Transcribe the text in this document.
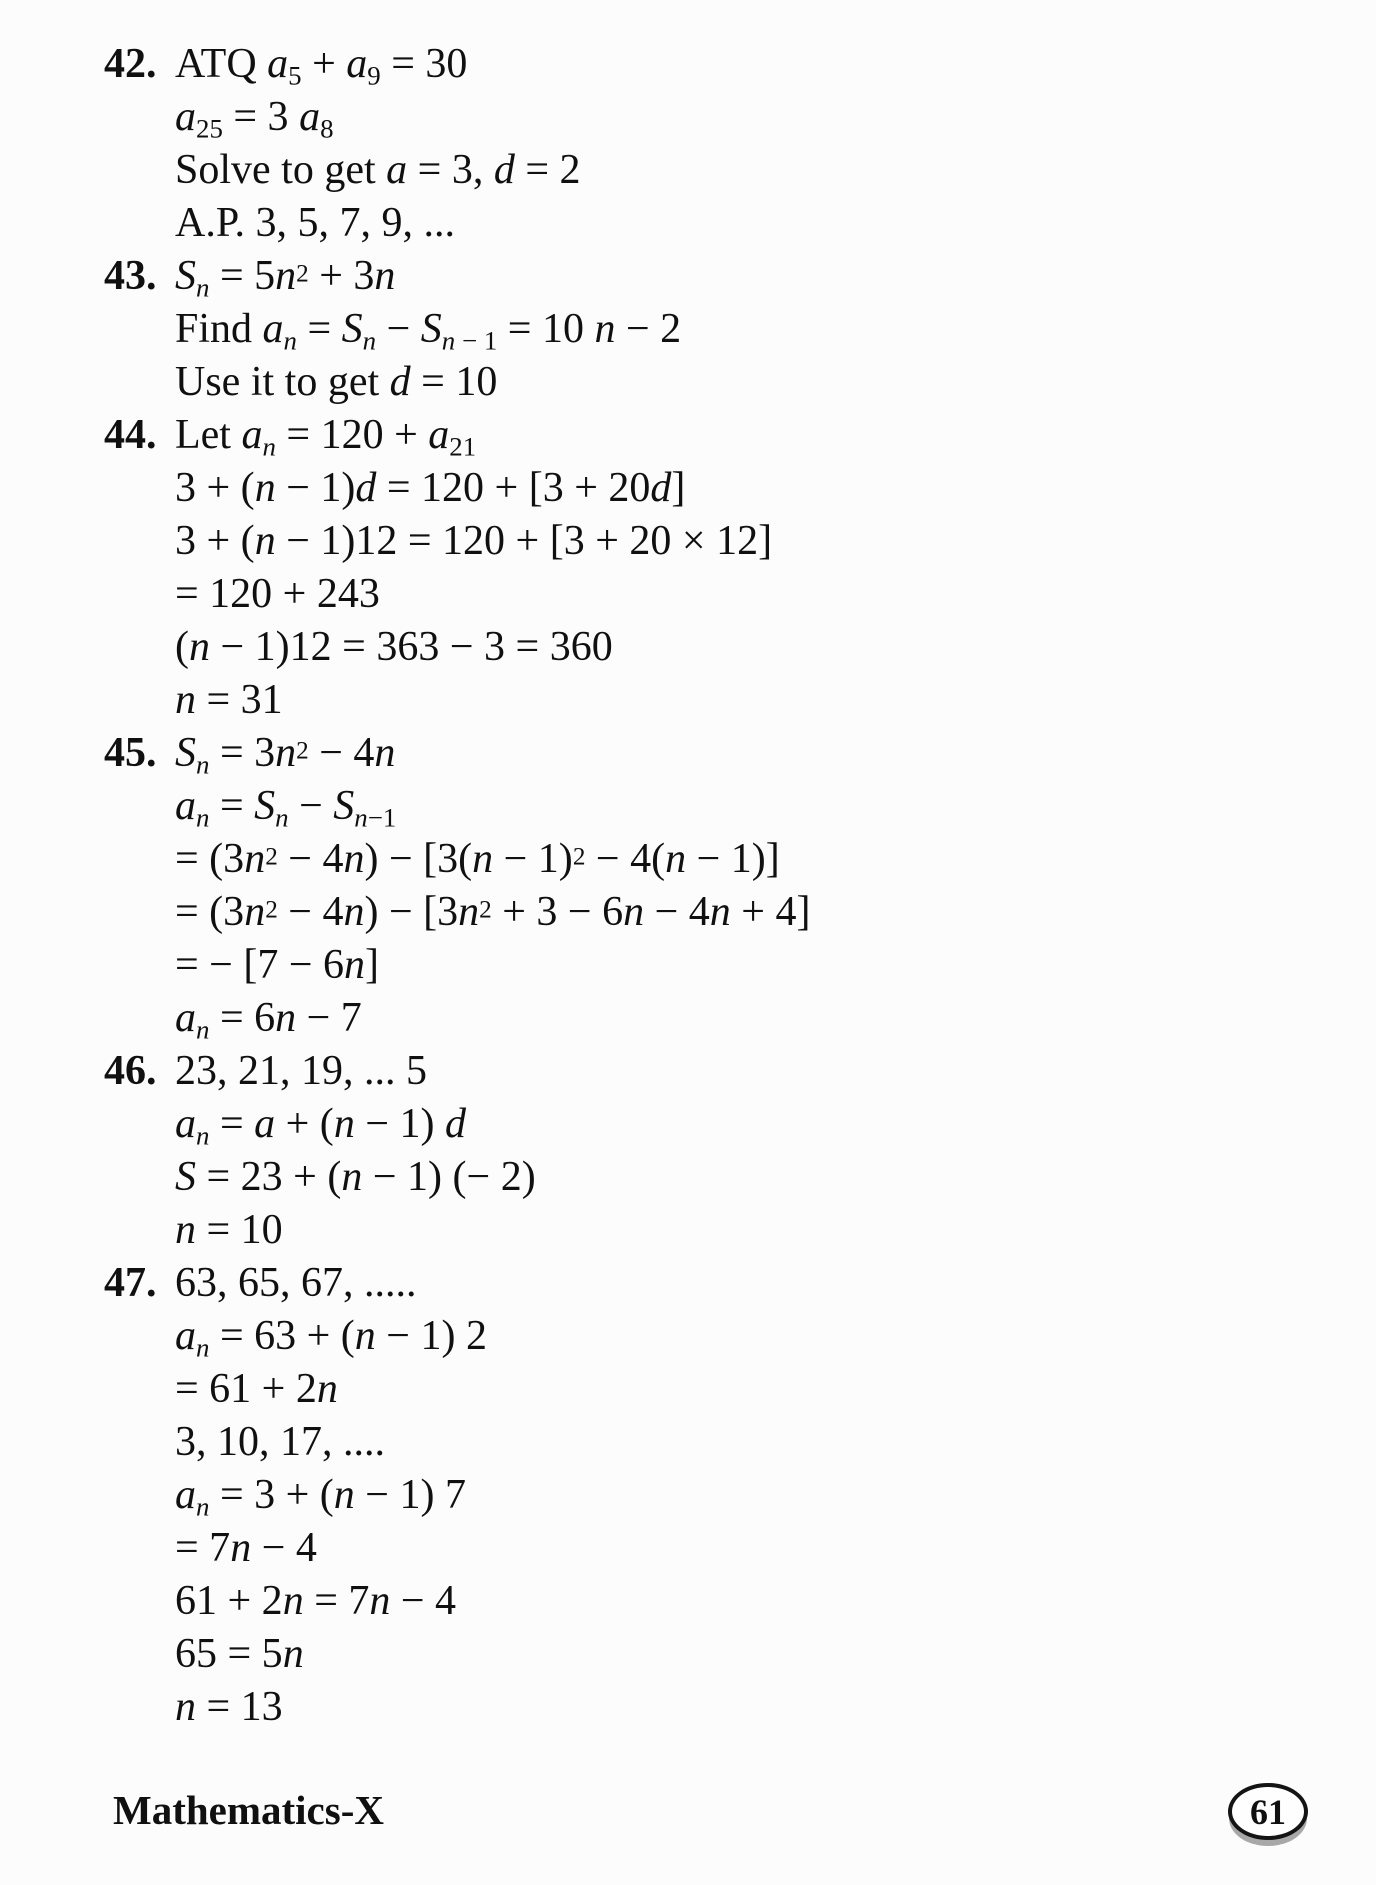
42. ATQ $a_5 + a_9 = 30$
$a_{25} = 3$ $a_8$
Solve to get a = 3, d = 2
A.P. 3, 5, 7, 9, ...
43. $S_n = 5n^2 + 3n$
Find $a_n = S_n - S_{n - 1} = 10$ n − 2
Use it to get d = 10
44. Let $a_n = 120 + a_{21}$
3 + (n − 1)d = 120 + [3 + 20d]
3 + (n − 1)12 = 120 + [3 + 20 × 12]
= 120 + 243
(n − 1)12 = 363 − 3 = 360
n = 31
45. $S_n = 3n^2 - 4n$
$a_n = S_n - S_{n-1}$
= $(3n^2 - 4n) - [3(n - 1)^2 - 4(n - 1)]$
= $(3n^2 - 4n) - [3n^2 + 3 - 6n - 4n + 4]$
= − [7 − 6n]
$a_n = 6n - 7$
46. 23, 21, 19, ... 5
$a_n = a + (n - 1)$ d
S = 23 + (n − 1) (− 2)
n = 10
47. 63, 65, 67, .....
$a_n = 63 + (n - 1)$ 2
= 61 + 2n
3, 10, 17, ....
$a_n = 3 + (n - 1)$ 7
= 7n − 4
61 + 2n = 7n − 4
65 = 5n
n = 13
Mathematics-X	61
